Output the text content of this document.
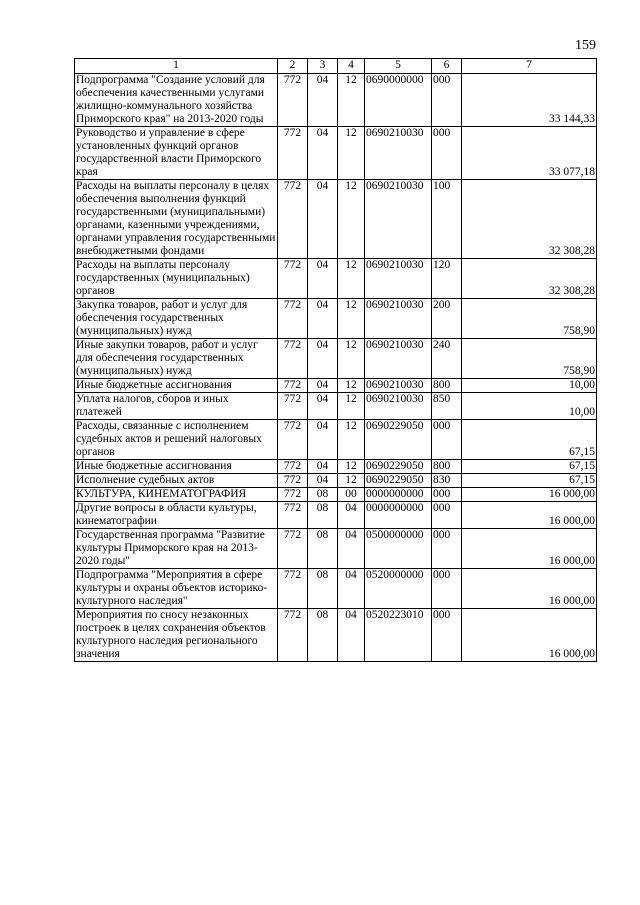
159
1	2	3	4	5	6	7
Подпрограмма "Создание условий для обеспечения качественными услугами жилищно-коммунального хозяйства Приморского края" на 2013-2020 годы	772	04	12	0690000000	000	33 144,33
Руководство и управление в сфере установленных функций органов государственной власти Приморского края	772	04	12	0690210030	000	33 077,18
Расходы на выплаты персоналу в целях обеспечения выполнения функций государственными (муниципальными) органами, казенными учреждениями, органами управления государственными внебюджетными фондами	772	04	12	0690210030	100	32 308,28
Расходы на выплаты персоналу государственных (муниципальных) органов	772	04	12	0690210030	120	32 308,28
Закупка товаров, работ и услуг для обеспечения государственных (муниципальных) нужд	772	04	12	0690210030	200	758,90
Иные закупки товаров, работ и услуг для обеспечения государственных (муниципальных) нужд	772	04	12	0690210030	240	758,90
Иные бюджетные ассигнования	772	04	12	0690210030	800	10,00
Уплата налогов, сборов и иных платежей	772	04	12	0690210030	850	10,00
Расходы, связанные с исполнением судебных актов и решений налоговых органов	772	04	12	0690229050	000	67,15
Иные бюджетные ассигнования	772	04	12	0690229050	800	67,15
Исполнение судебных актов	772	04	12	0690229050	830	67,15
КУЛЬТУРА, КИНЕМАТОГРАФИЯ	772	08	00	0000000000	000	16 000,00
Другие вопросы в области культуры, кинематографии	772	08	04	0000000000	000	16 000,00
Государственная программа "Развитие культуры Приморского края на 2013-2020 годы"	772	08	04	0500000000	000	16 000,00
Подпрограмма "Мероприятия в сфере культуры и охраны объектов историко-культурного наследия"	772	08	04	0520000000	000	16 000,00
Мероприятия по сносу незаконных построек в целях сохранения объектов культурного наследия регионального значения	772	08	04	0520223010	000	16 000,00
